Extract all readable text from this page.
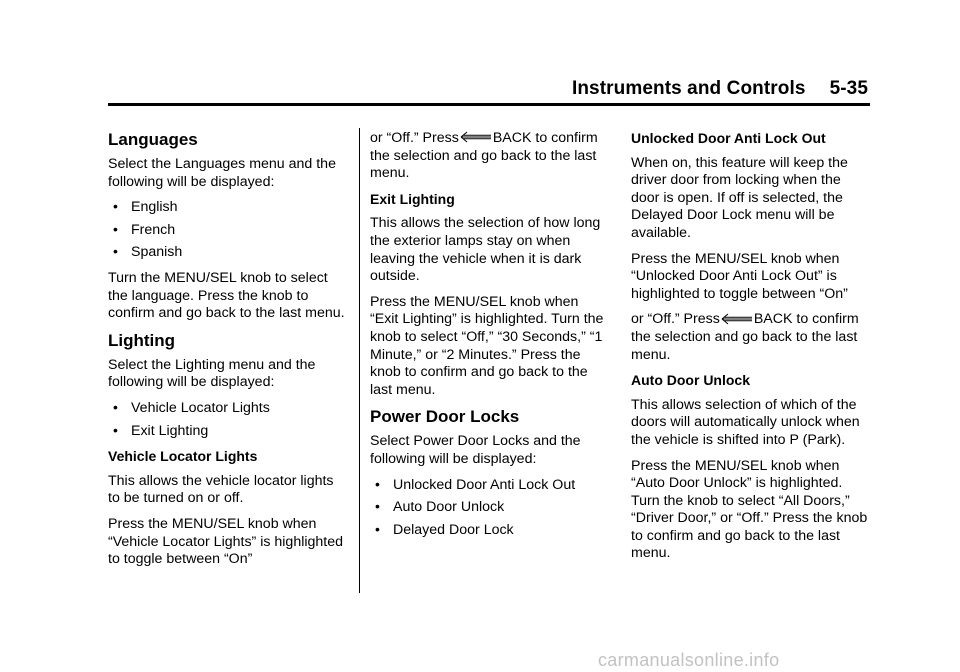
Instruments and Controls 5-35
Languages

Select the Languages menu and the following will be displayed:

• English
• French
• Spanish

Turn the MENU/SEL knob to select the language. Press the knob to confirm and go back to the last menu.

Lighting

Select the Lighting menu and the following will be displayed:

• Vehicle Locator Lights
• Exit Lighting

Vehicle Locator Lights

This allows the vehicle locator lights to be turned on or off.

Press the MENU/SEL knob when “Vehicle Locator Lights” is highlighted to toggle between “On”

or “Off.” Press BACK to confirm the selection and go back to the last menu.

Exit Lighting

This allows the selection of how long the exterior lamps stay on when leaving the vehicle when it is dark outside.

Press the MENU/SEL knob when “Exit Lighting” is highlighted. Turn the knob to select “Off,” “30 Seconds,” “1 Minute,” or “2 Minutes.” Press the knob to confirm and go back to the last menu.

Power Door Locks

Select Power Door Locks and the following will be displayed:

• Unlocked Door Anti Lock Out
• Auto Door Unlock
• Delayed Door Lock

Unlocked Door Anti Lock Out

When on, this feature will keep the driver door from locking when the door is open. If off is selected, the Delayed Door Lock menu will be available.

Press the MENU/SEL knob when “Unlocked Door Anti Lock Out” is highlighted to toggle between “On”

or “Off.” Press BACK to confirm the selection and go back to the last menu.

Auto Door Unlock

This allows selection of which of the doors will automatically unlock when the vehicle is shifted into P (Park).

Press the MENU/SEL knob when “Auto Door Unlock” is highlighted. Turn the knob to select “All Doors,” “Driver Door,” or “Off.” Press the knob to confirm and go back to the last menu.

carmanualsonline.info
